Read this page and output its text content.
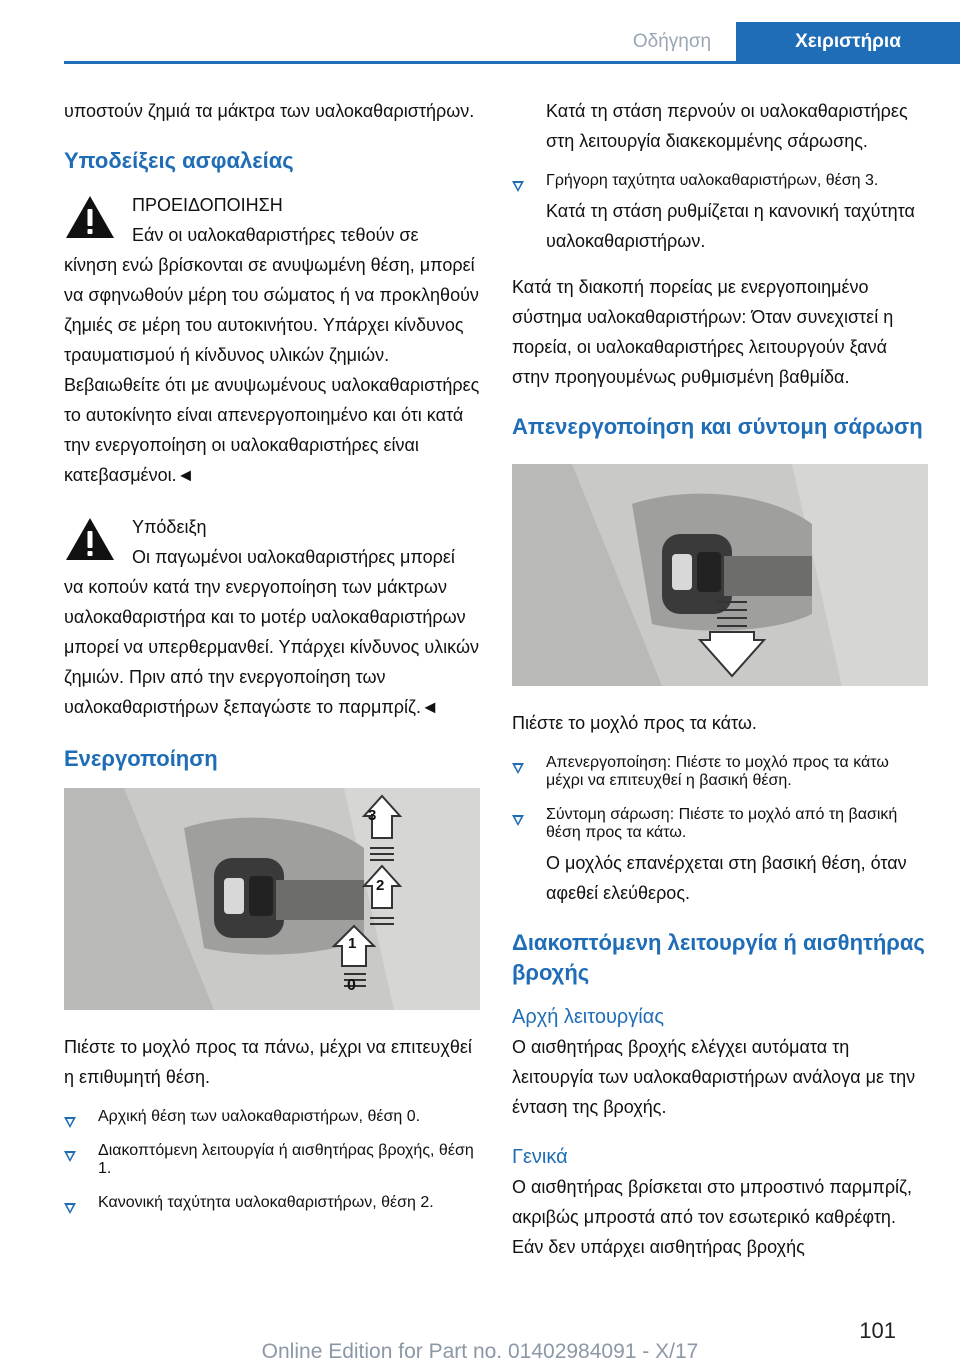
Οδήγηση	Χειριστήρια

υποστούν ζημιά τα μάκτρα των υαλοκαθαριστήρων.

Υποδείξεις ασφαλείας

ΠΡΟΕΙΔΟΠΟΙΗΣΗ

Εάν οι υαλοκαθαριστήρες τεθούν σε

κίνηση ενώ βρίσκονται σε ανυψωμένη θέση, μπορεί να σφηνωθούν μέρη του σώματος ή να προκληθούν ζημιές σε μέρη του αυτοκινήτου. Υπάρχει κίνδυνος τραυματισμού ή κίνδυνος υλικών ζημιών. Βεβαιωθείτε ότι με ανυψωμένους υαλοκαθαριστήρες το αυτοκίνητο είναι απενεργοποιημένο και ότι κατά την ενεργοποίηση οι υαλοκαθαριστήρες είναι κατεβασμένοι.◄

Υπόδειξη

Οι παγωμένοι υαλοκαθαριστήρες μπορεί

να κοπούν κατά την ενεργοποίηση των μάκτρων υαλοκαθαριστήρα και το μοτέρ υαλοκαθαριστήρων μπορεί να υπερθερμανθεί. Υπάρχει κίνδυνος υλικών ζημιών. Πριν από την ενεργοποίηση των υαλοκαθαριστήρων ξεπαγώστε το παρμπρίζ.◄

Ενεργοποίηση
3
2
1
0

Πιέστε το μοχλό προς τα πάνω, μέχρι να επιτευχθεί η επιθυμητή θέση.

Αρχική θέση των υαλοκαθαριστήρων, θέση 0.
Διακοπτόμενη λειτουργία ή αισθητήρας βροχής, θέση 1.
Κανονική ταχύτητα υαλοκαθαριστήρων, θέση 2.

Κατά τη στάση περνούν οι υαλοκαθαριστήρες στη λειτουργία διακεκομμένης σάρωσης.

Γρήγορη ταχύτητα υαλοκαθαριστήρων, θέση 3.

Κατά τη στάση ρυθμίζεται η κανονική ταχύτητα υαλοκαθαριστήρων.

Κατά τη διακοπή πορείας με ενεργοποιημένο σύστημα υαλοκαθαριστήρων: Όταν συνεχιστεί η πορεία, οι υαλοκαθαριστήρες λειτουργούν ξανά στην προηγουμένως ρυθμισμένη βαθμίδα.

Απενεργοποίηση και σύντομη σάρωση

Πιέστε το μοχλό προς τα κάτω.

Απενεργοποίηση: Πιέστε το μοχλό προς τα κάτω μέχρι να επιτευχθεί η βασική θέση.
Σύντομη σάρωση: Πιέστε το μοχλό από τη βασική θέση προς τα κάτω.

Ο μοχλός επανέρχεται στη βασική θέση, όταν αφεθεί ελεύθερος.

Διακοπτόμενη λειτουργία ή αισθητήρας βροχής
Αρχή λειτουργίας

Ο αισθητήρας βροχής ελέγχει αυτόματα τη λειτουργία των υαλοκαθαριστήρων ανάλογα με την ένταση της βροχής.

Γενικά

Ο αισθητήρας βρίσκεται στο μπροστινό παρμπρίζ, ακριβώς μπροστά από τον εσωτερικό καθρέφτη. Εάν δεν υπάρχει αισθητήρας βροχής

101
Online Edition for Part no. 01402984091 - X/17
